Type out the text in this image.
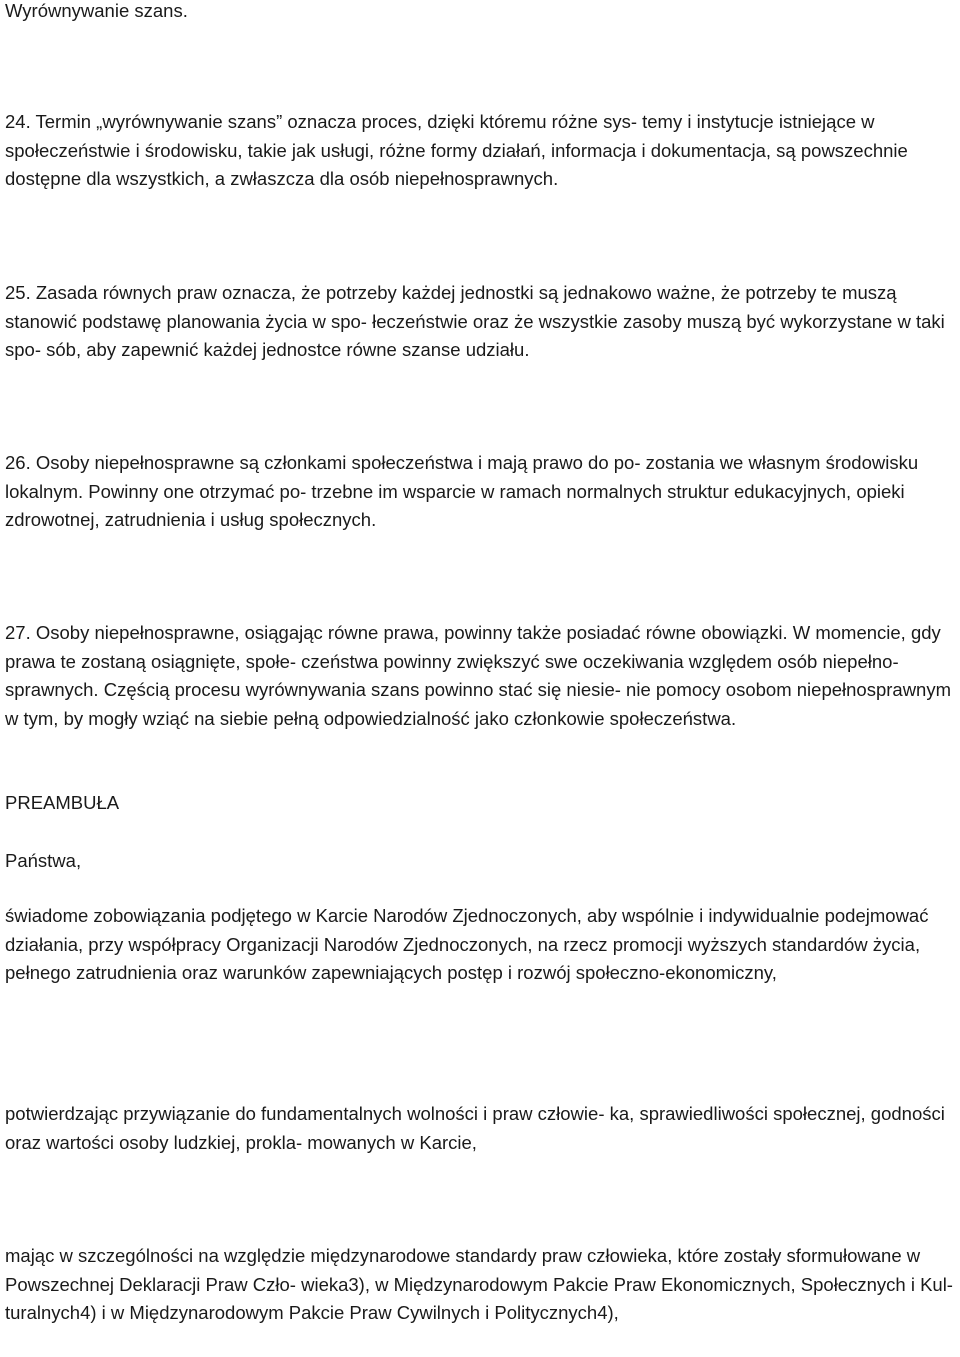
Wyrównywanie szans.

24. Termin „wyrównywanie szans” oznacza proces, dzięki któremu różne sys- temy i instytucje istniejące w społeczeństwie i środowisku, takie jak usługi, różne formy działań, informacja i dokumentacja, są powszechnie dostępne dla wszystkich, a zwłaszcza dla osób niepełnosprawnych.

25. Zasada równych praw oznacza, że potrzeby każdej jednostki są jednakowo ważne, że potrzeby te muszą stanowić podstawę planowania życia w spo- łeczeństwie oraz że wszystkie zasoby muszą być wykorzystane w taki spo- sób, aby zapewnić każdej jednostce równe szanse udziału.

26. Osoby niepełnosprawne są członkami społeczeństwa i mają prawo do po- zostania we własnym środowisku lokalnym. Powinny one otrzymać po- trzebne im wsparcie w ramach normalnych struktur edukacyjnych, opieki zdrowotnej, zatrudnienia i usług społecznych.

27. Osoby niepełnosprawne, osiągając równe prawa, powinny także posiadać równe obowiązki. W momencie, gdy prawa te zostaną osiągnięte, społe- czeństwa powinny zwiększyć swe oczekiwania względem osób niepełno- sprawnych. Częścią procesu wyrównywania szans powinno stać się niesie- nie pomocy osobom niepełnosprawnym w tym, by mogły wziąć na siebie pełną odpowiedzialność jako członkowie społeczeństwa.

PREAMBUŁA

Państwa,

świadome zobowiązania podjętego w Karcie Narodów Zjednoczonych, aby wspólnie i indywidualnie podejmować działania, przy współpracy Organizacji Narodów Zjednoczonych, na rzecz promocji wyższych standardów życia, pełnego zatrudnienia oraz warunków zapewniających postęp i rozwój społeczno-ekonomiczny,

potwierdzając przywiązanie do fundamentalnych wolności i praw człowie- ka, sprawiedliwości społecznej, godności oraz wartości osoby ludzkiej, prokla- mowanych w Karcie,

mając w szczególności na względzie międzynarodowe standardy praw człowieka, które zostały sformułowane w Powszechnej Deklaracji Praw Czło- wieka3), w Międzynarodowym Pakcie Praw Ekonomicznych, Społecznych i Kul- turalnych4) i w Międzynarodowym Pakcie Praw Cywilnych i Politycznych4),
